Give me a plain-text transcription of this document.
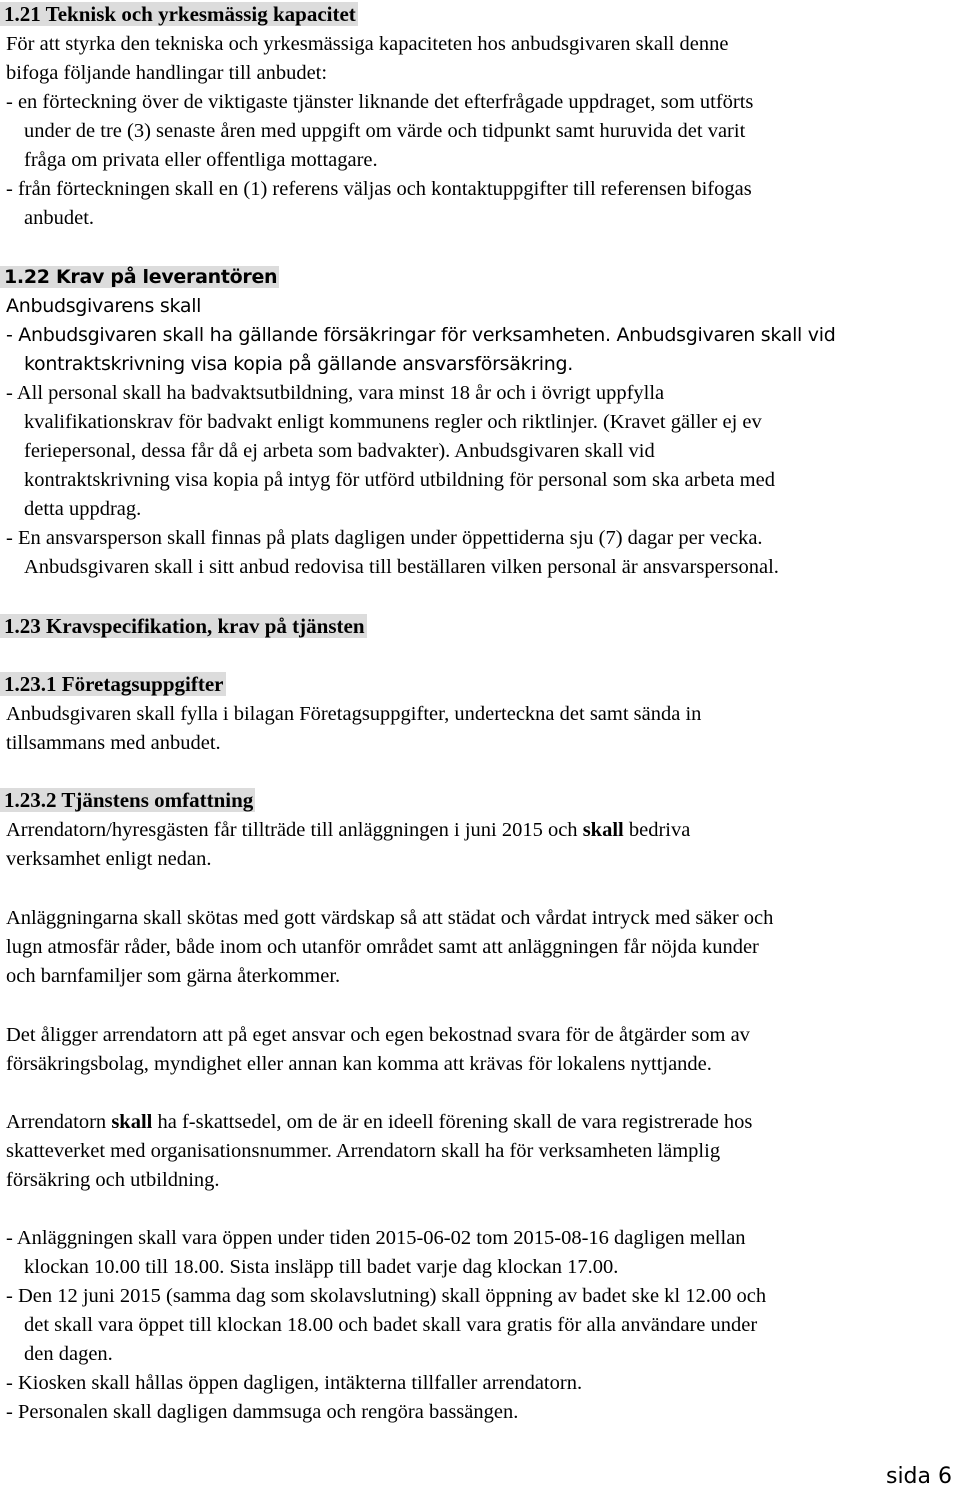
1.21 Teknisk och yrkesmässig kapacitet
För att styrka den tekniska och yrkesmässiga kapaciteten hos anbudsgivaren skall denne
bifoga följande handlingar till anbudet:
- en förteckning över de viktigaste tjänster liknande det efterfrågade uppdraget, som utförts
under de tre (3) senaste åren med uppgift om värde och tidpunkt samt huruvida det varit
fråga om privata eller offentliga mottagare.
- från förteckningen skall en (1) referens väljas och kontaktuppgifter till referensen bifogas
anbudet.
1.22 Krav på leverantören
Anbudsgivarens skall
- Anbudsgivaren skall ha gällande försäkringar för verksamheten. Anbudsgivaren skall vid
kontraktskrivning visa kopia på gällande ansvarsförsäkring.
- All personal skall ha badvaktsutbildning, vara minst 18 år och i övrigt uppfylla
kvalifikationskrav för badvakt enligt kommunens regler och riktlinjer. (Kravet gäller ej ev
feriepersonal, dessa får då ej arbeta som badvakter). Anbudsgivaren skall vid
kontraktskrivning visa kopia på intyg för utförd utbildning för personal som ska arbeta med
detta uppdrag.
- En ansvarsperson skall finnas på plats dagligen under öppettiderna sju (7) dagar per vecka.
Anbudsgivaren skall i sitt anbud redovisa till beställaren vilken personal är ansvarspersonal.
1.23 Kravspecifikation, krav på tjänsten
1.23.1 Företagsuppgifter
Anbudsgivaren skall fylla i bilagan Företagsuppgifter, underteckna det samt sända in
tillsammans med anbudet.
1.23.2 Tjänstens omfattning
Arrendatorn/hyresgästen får tillträde till anläggningen i juni 2015 och skall bedriva
verksamhet enligt nedan.
Anläggningarna skall skötas med gott värdskap så att städat och vårdat intryck med säker och
lugn atmosfär råder, både inom och utanför området samt att anläggningen får nöjda kunder
och barnfamiljer som gärna återkommer.
Det åligger arrendatorn att på eget ansvar och egen bekostnad svara för de åtgärder som av
försäkringsbolag, myndighet eller annan kan komma att krävas för lokalens nyttjande.
Arrendatorn skall ha f-skattsedel, om de är en ideell förening skall de vara registrerade hos
skatteverket med organisationsnummer. Arrendatorn skall ha för verksamheten lämplig
försäkring och utbildning.
- Anläggningen skall vara öppen under tiden 2015-06-02 tom 2015-08-16 dagligen mellan
klockan 10.00 till 18.00. Sista insläpp till badet varje dag klockan 17.00.
- Den 12 juni 2015 (samma dag som skolavslutning) skall öppning av badet ske kl 12.00 och
det skall vara öppet till klockan 18.00 och badet skall vara gratis för alla användare under
den dagen.
- Kiosken skall hållas öppen dagligen, intäkterna tillfaller arrendatorn.
- Personalen skall dagligen dammsuga och rengöra bassängen.
sida 6
